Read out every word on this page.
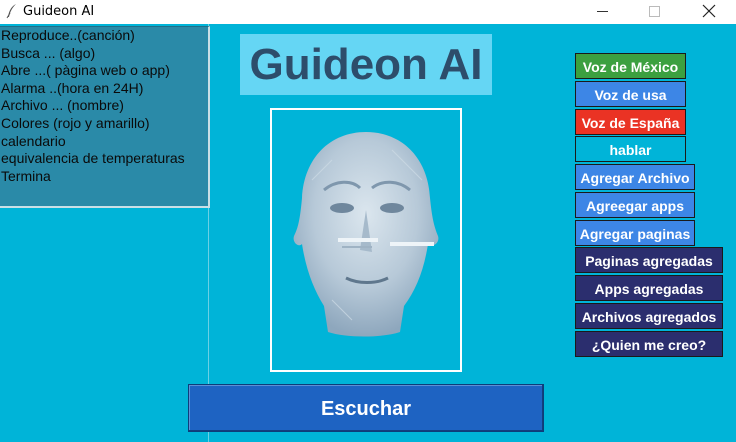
Guideon AI
Reproduce..(canción)
Busca ... (algo)
Abre ...( pàgina web o app)
Alarma ..(hora en 24H)
Archivo ... (nombre)
Colores (rojo y amarillo)
calendario
equivalencia de temperaturas
Termina
Guideon AI
Escuchar
Voz de México
Voz de usa
Voz de España
hablar
Agregar Archivo
Agreegar apps
Agregar paginas
Paginas agregadas
Apps agregadas
Archivos agregados
¿Quien me creo?
